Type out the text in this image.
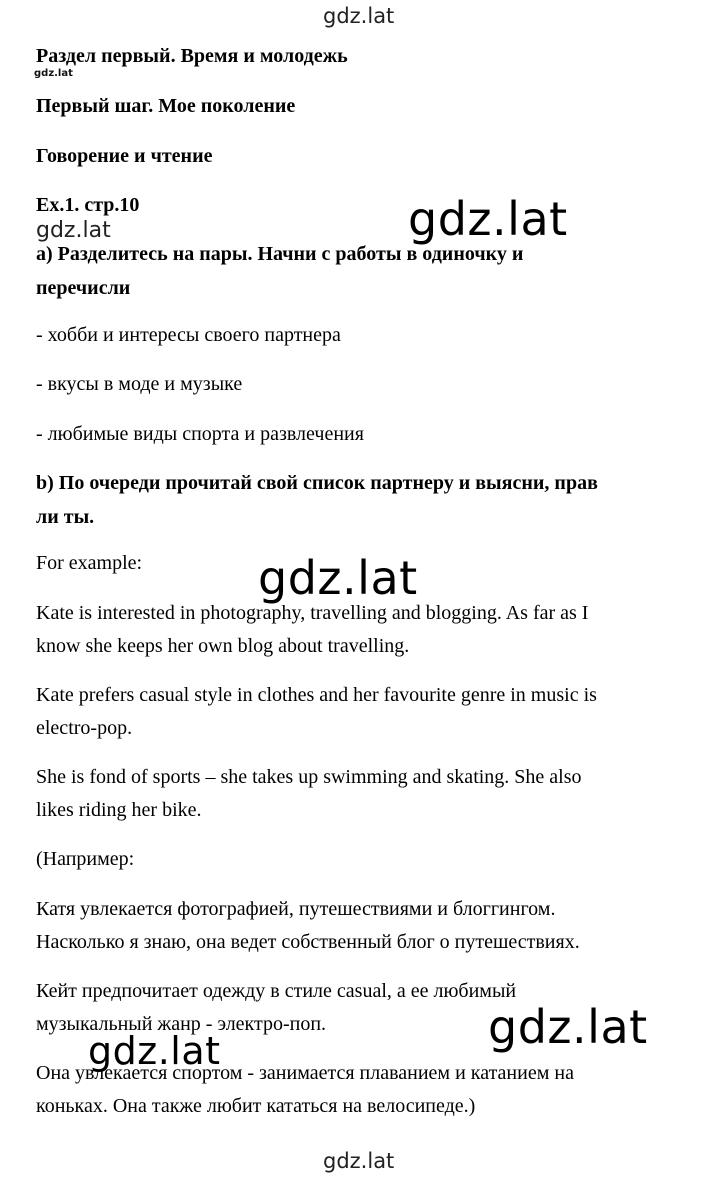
gdz.lat
gdz.lat
gdz.lat	gdz.lat
gdz.lat
gdz.lat
gdz.lat
gdz.lat
Раздел первый. Время и молодежь
Первый шаг. Мое поколение
Говорение и чтение
Ex.1. стр.10
а) Разделитесь на пары. Начни с работы в одиночку и
перечисли
- хобби и интересы своего партнера
- вкусы в моде и музыке
- любимые виды спорта и развлечения
b) По очереди прочитай свой список партнеру и выясни, прав
ли ты.
For example:
Kate is interested in photography, travelling and blogging. As far as I
know she keeps her own blog about travelling.
Kate prefers casual style in clothes and her favourite genre in music is
electro-pop.
She is fond of sports – she takes up swimming and skating. She also
likes riding her bike.
(Например:
Катя увлекается фотографией, путешествиями и блоггингом.
Насколько я знаю, она ведет собственный блог о путешествиях.
Кейт предпочитает одежду в стиле casual, а ее любимый
музыкальный жанр - электро-поп.
Она увлекается спортом - занимается плаванием и катанием на
коньках. Она также любит кататься на велосипеде.)
